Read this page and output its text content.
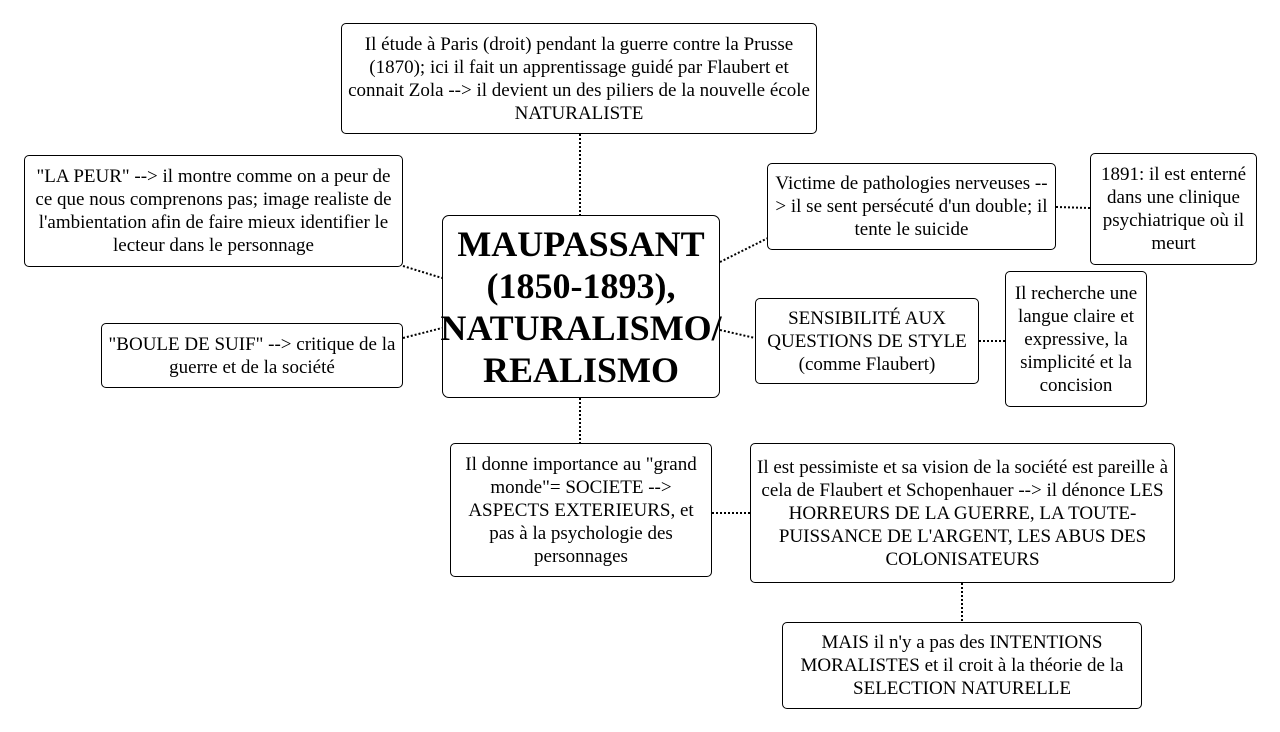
Il étude à Paris (droit) pendant la guerre contre la Prusse (1870); ici il fait un apprentissage guidé par Flaubert et connait Zola --> il devient un des piliers de la nouvelle école NATURALISTE
"LA PEUR" --> il montre comme on a peur de ce que nous comprenons pas; image realiste de l'ambientation afin de faire mieux identifier le lecteur dans le personnage
"BOULE DE SUIF" --> critique de la guerre et de la société
MAUPASSANT (1850-1893), NATURALISMO/ REALISMO
Victime de pathologies nerveuses --> il se sent persécuté d'un double; il tente le suicide
1891: il est enterné dans une clinique psychiatrique où il meurt
SENSIBILITÉ AUX QUESTIONS DE STYLE (comme Flaubert)
Il recherche une langue claire et expressive, la simplicité et la concision
Il donne importance au "grand monde"= SOCIETE --> ASPECTS EXTERIEURS, et pas à la psychologie des personnages
Il est pessimiste et sa vision de la société est pareille à cela de Flaubert et Schopenhauer --> il dénonce LES HORREURS DE LA GUERRE, LA TOUTE-PUISSANCE DE L'ARGENT, LES ABUS DES COLONISATEURS
MAIS il n'y a pas des INTENTIONS MORALISTES et il croit à la théorie de la SELECTION NATURELLE
